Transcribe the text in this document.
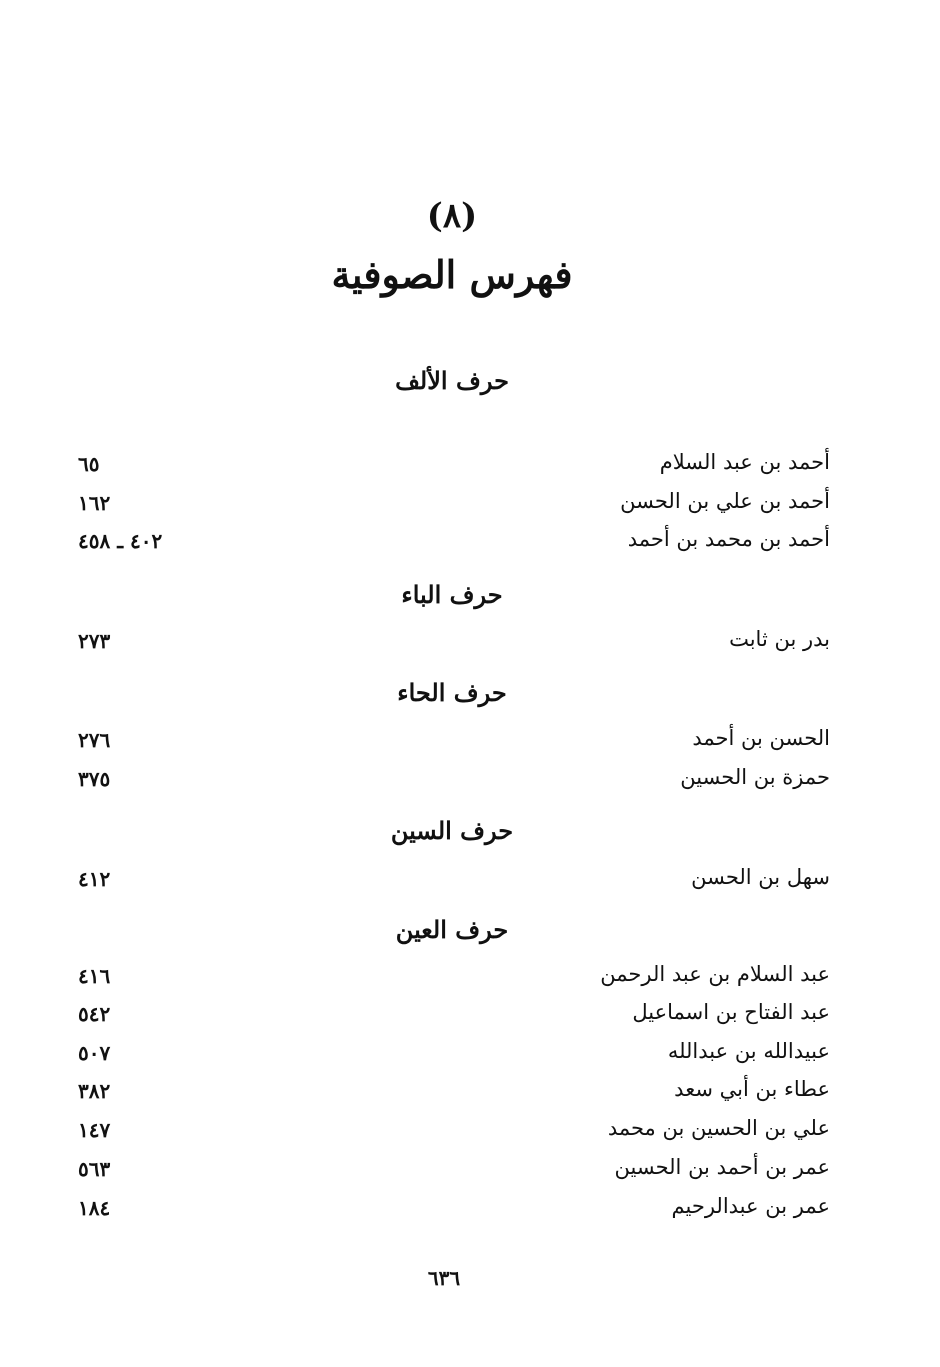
(٨)
فهرس الصوفية
حرف الألف
أحمد بن عبد السلام
٦٥
أحمد بن علي بن الحسن
١٦٢
أحمد بن محمد بن أحمد
٤٠٢ ـ ٤٥٨
حرف الباء
بدر بن ثابت
٢٧٣
حرف الحاء
الحسن بن أحمد
٢٧٦
حمزة بن الحسين
٣٧٥
حرف السين
سهل بن الحسن
٤١٢
حرف العين
عبد السلام بن عبد الرحمن
٤١٦
عبد الفتاح بن اسماعيل
٥٤٢
عبيدالله بن عبدالله
٥٠٧
عطاء بن أبي سعد
٣٨٢
علي بن الحسين بن محمد
١٤٧
عمر بن أحمد بن الحسين
٥٦٣
عمر بن عبدالرحيم
١٨٤
٦٣٦
